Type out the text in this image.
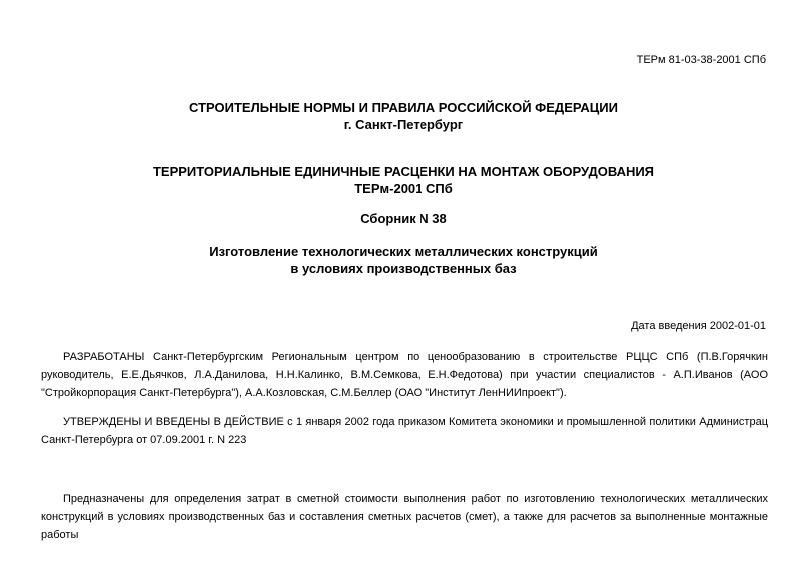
ТЕРм 81-03-38-2001 СПб
СТРОИТЕЛЬНЫЕ НОРМЫ И ПРАВИЛА РОССИЙСКОЙ ФЕДЕРАЦИИ
г. Санкт-Петербург
ТЕРРИТОРИАЛЬНЫЕ ЕДИНИЧНЫЕ РАСЦЕНКИ НА МОНТАЖ ОБОРУДОВАНИЯ
ТЕРм-2001 СПб
Сборник N 38
Изготовление технологических металлических конструкций
в условиях производственных баз
Дата введения 2002-01-01
РАЗРАБОТАНЫ Санкт-Петербургским Региональным центром по ценообразованию в строительстве РЦЦС СПб (П.В.Горячкин
руководитель, Е.Е.Дьячков, Л.А.Данилова, Н.Н.Калинко, В.М.Семкова, Е.Н.Федотова) при участии специалистов - А.П.Иванов (АОО
"Стройкорпорация Санкт-Петербурга"), А.А.Козловская, С.М.Беллер (ОАО "Институт ЛенНИИпроект").
УТВЕРЖДЕНЫ И ВВЕДЕНЫ В ДЕЙСТВИЕ с 1 января 2002 года приказом Комитета экономики и промышленной политики Администрац
Санкт-Петербурга от 07.09.2001 г. N 223
Предназначены для определения затрат в сметной стоимости выполнения работ по изготовлению технологических металлических
конструкций в условиях производственных баз и составления сметных расчетов (смет), а также для расчетов за выполненные монтажные
работы
